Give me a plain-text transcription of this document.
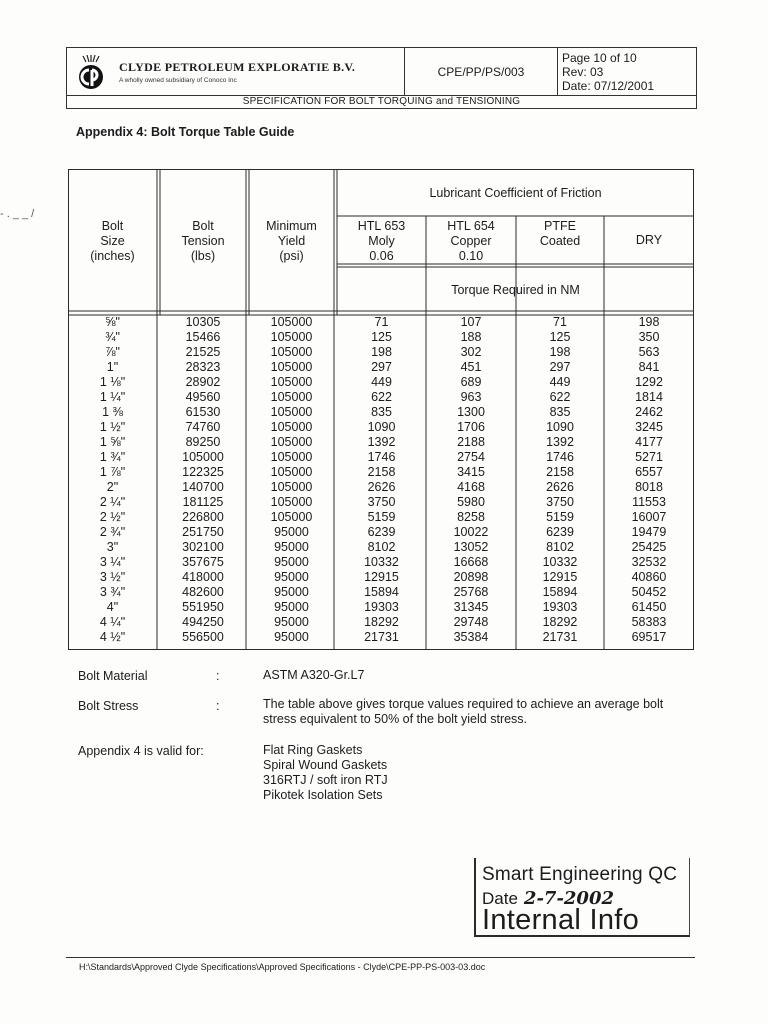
- . _ _ /
CLYDE PETROLEUM EXPLORATIE B.V.
A wholly owned subsidiary of Conoco Inc
CPE/PP/PS/003
Page 10 of 10
Rev: 03
Date: 07/12/2001
SPECIFICATION FOR BOLT TORQUING and TENSIONING
Appendix 4: Bolt Torque Table Guide
Bolt
Size
(inches)
Bolt
Tension
(lbs)
Minimum
Yield
(psi)
Lubricant Coefficient of Friction
HTL 653
Moly
0.06
HTL 654
Copper
0.10
PTFE
Coated	DRY
Torque Required in NM
⅝"	10305	105000	71	107	71	198
¾"	15466	105000	125	188	125	350
⅞"	21525	105000	198	302	198	563
1"	28323	105000	297	451	297	841
1 ⅛"	28902	105000	449	689	449	1292
1 ¼"	49560	105000	622	963	622	1814
1 ⅜	61530	105000	835	1300	835	2462
1 ½"	74760	105000	1090	1706	1090	3245
1 ⅝"	89250	105000	1392	2188	1392	4177
1 ¾"	105000	105000	1746	2754	1746	5271
1 ⅞"	122325	105000	2158	3415	2158	6557
2"	140700	105000	2626	4168	2626	8018
2 ¼"	181125	105000	3750	5980	3750	11553
2 ½"	226800	105000	5159	8258	5159	16007
2 ¾"	251750	95000	6239	10022	6239	19479
3"	302100	95000	8102	13052	8102	25425
3 ¼"	357675	95000	10332	16668	10332	32532
3 ½"	418000	95000	12915	20898	12915	40860
3 ¾"	482600	95000	15894	25768	15894	50452
4"	551950	95000	19303	31345	19303	61450
4 ¼"	494250	95000	18292	29748	18292	58383
4 ½"	556500	95000	21731	35384	21731	69517
Bolt Material	:	ASTM A320-Gr.L7
Bolt Stress	:	The table above gives torque values required to achieve an average bolt stress equivalent to 50% of the bolt yield stress.
Appendix 4 is valid for:	Flat Ring Gaskets
Spiral Wound Gaskets
316RTJ / soft iron RTJ
Pikotek Isolation Sets
Smart Engineering QC
Date 2-7-2002
Internal Info
H:\Standards\Approved Clyde Specifications\Approved Specifications - Clyde\CPE-PP-PS-003-03.doc
